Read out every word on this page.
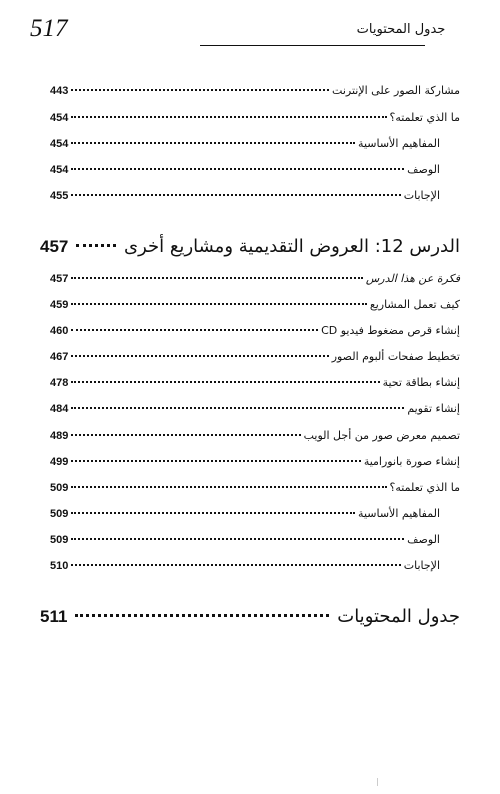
517	جدول المحتويات
مشاركة الصور على الإنترنت
443
ما الذي تعلمته؟
454
المفاهيم الأساسية
454
الوصف
454
الإجابات
455
الدرس 12: العروض التقديمية ومشاريع أخرى
457
فكرة عن هذا الدرس
457
كيف تعمل المشاريع
459
إنشاء قرص مضغوط فيديو CD
460
تخطيط صفحات ألبوم الصور
467
إنشاء بطاقة تحية
478
إنشاء تقويم
484
تصميم معرض صور من أجل الويب
489
إنشاء صورة بانورامية
499
ما الذي تعلمته؟
509
المفاهيم الأساسية
509
الوصف
509
الإجابات
510
جدول المحتويات
511
